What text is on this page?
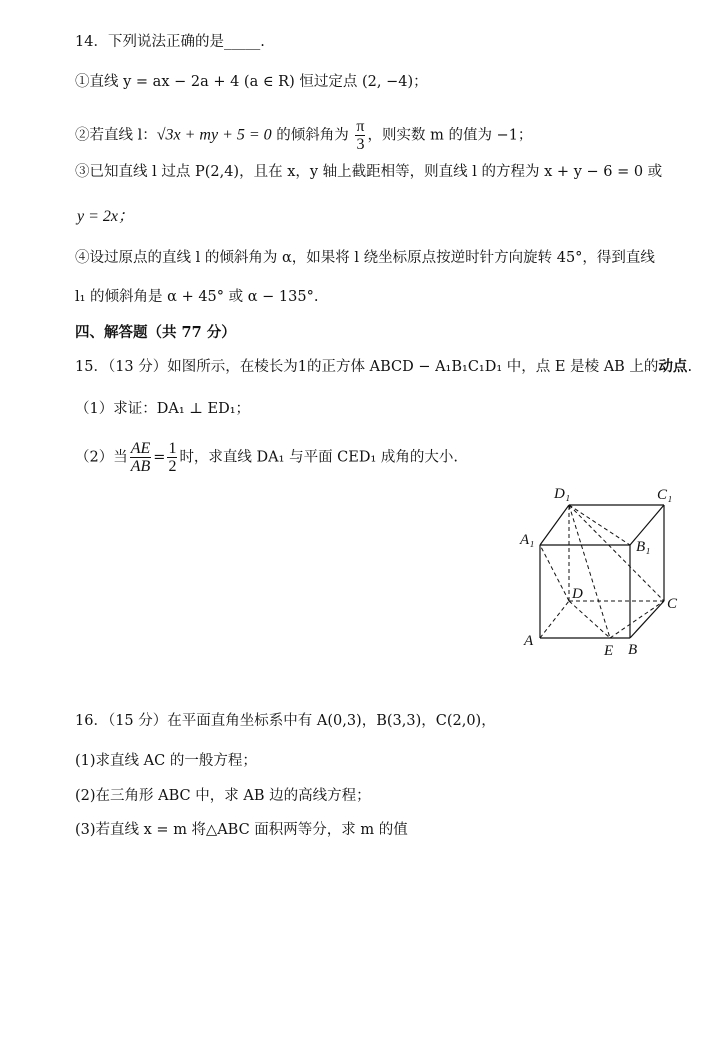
14．下列说法正确的是_____.
①直线 y = ax − 2a + 4 (a ∈ R) 恒过定点 (2, −4)；
②若直线 l：√3x + my + 5 = 0 的倾斜角为 $\frac{\pi}{3}$ ，则实数 m 的值为 −1；
③已知直线 l 过点 P(2,4)，且在 x，y 轴上截距相等，则直线 l 的方程为 x + y − 6 = 0 或
y = 2x；
④设过原点的直线 l 的倾斜角为 α，如果将 l 绕坐标原点按逆时针方向旋转 45°，得到直线
l₁ 的倾斜角是 α + 45° 或 α − 135°.
四、解答题（共 77 分）
15．（13 分）如图所示，在棱长为1的正方体 ABCD − A₁B₁C₁D₁ 中，点 E 是棱 AB 上的动点.
（1）求证：DA₁ ⊥ ED₁；
（2）当 $\frac{AE}{AB} = \frac{1}{2}$ 时，求直线 DA₁ 与平面 CED₁ 成角的大小.
D₁	C₁
A₁	B₁
D
C
A
E B
16．（15 分）在平面直角坐标系中有 A(0,3)，B(3,3)，C(2,0)，
(1)求直线 AC 的一般方程；
(2)在三角形 ABC 中，求 AB 边的高线方程；
(3)若直线 x = m 将△ABC 面积两等分，求 m 的值
